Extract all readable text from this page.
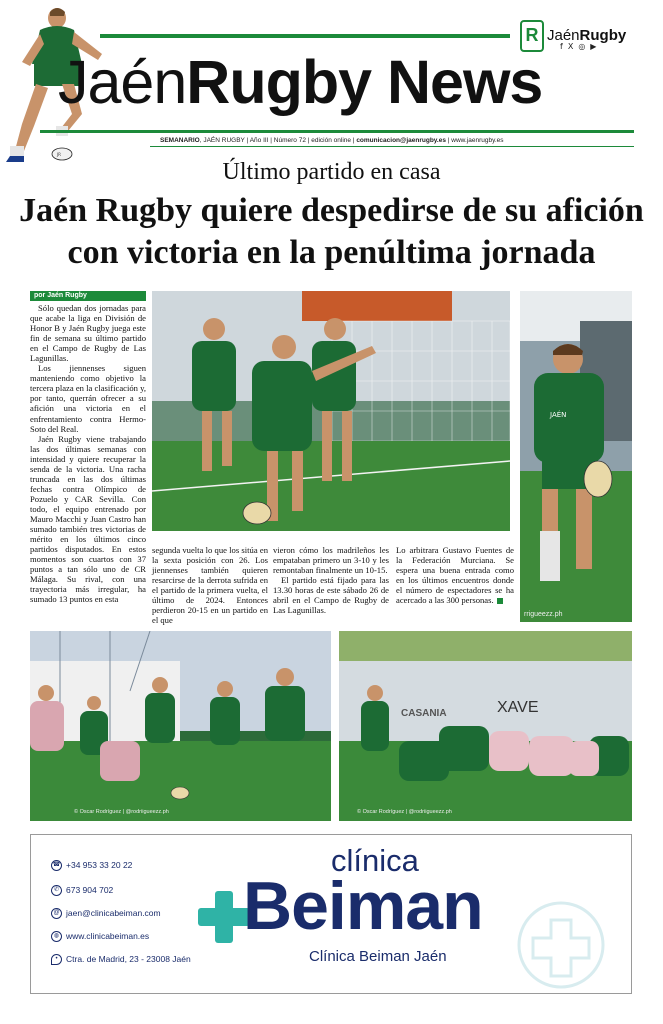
JR
JaénRugby News
SEMANARIO, JAÉN RUGBY | Año III | Número 72 | edición online | comunicacion@jaenrugby.es | www.jaenrugby.es
R JaénRugby
fX◎▶
Último partido en casa
Jaén Rugby quiere despedirse de su afición
con victoria en la penúltima jornada
por Jaén Rugby

Sólo quedan dos jornadas para que acabe la liga en División de Honor B y Jaén Rugby juega este fin de semana su último partido en el Campo de Rugby de Las Lagunillas.

Los jiennenses siguen manteniendo como objetivo la tercera plaza en la clasificación y, por tanto, querrán ofrecer a su afición una victoria en el enfrentamiento contra Hermo-Soto del Real.

Jaén Rugby viene trabajando las dos últimas semanas con intensidad y quiere recuperar la senda de la victoria. Una racha truncada en las dos últimas fechas contra Olímpico de Pozuelo y CAR Sevilla. Con todo, el equipo entrenado por Mauro Macchi y Juan Castro han sumado también tres victorias de mérito en los últimos cinco partidos disputados. En estos momentos son cuartos con 37 puntos a tan sólo uno de CR Málaga. Su rival, con una trayectoria más irregular, ha sumado 13 puntos en esta

segunda vuelta lo que los sitúa en la sexta posición con 26. Los jiennenses también quieren resarcirse de la derrota sufrida en el partido de la primera vuelta, el último de 2024. Entonces perdieron 20-15 en un partido en el que

vieron cómo los madrileños les empataban primero un 3-10 y les remontaban finalmente un 10-15.

El partido está fijado para las 13.30 horas de este sábado 26 de abril en el Campo de Rugby de Las Lagunillas.

Lo arbitrara Gustavo Fuentes de la Federación Murciana. Se espera una buena entrada como en los últimos encuentros donde el número de espectadores se ha acercado a las 300 personas.

JAÉN
rrigueezz.ph
© Oscar Rodríguez | @rodriigueezz.ph
CASANIA	XAVE
© Oscar Rodríguez | @rodriigueezz.ph
☎ +34 953 33 20 22
✆ 673 904 702
@ jaen@clinicabeiman.com
◍ www.clinicabeiman.es
• Ctra. de Madrid, 23 - 23008 Jaén
clínica
Beiman
Clínica Beiman Jaén
